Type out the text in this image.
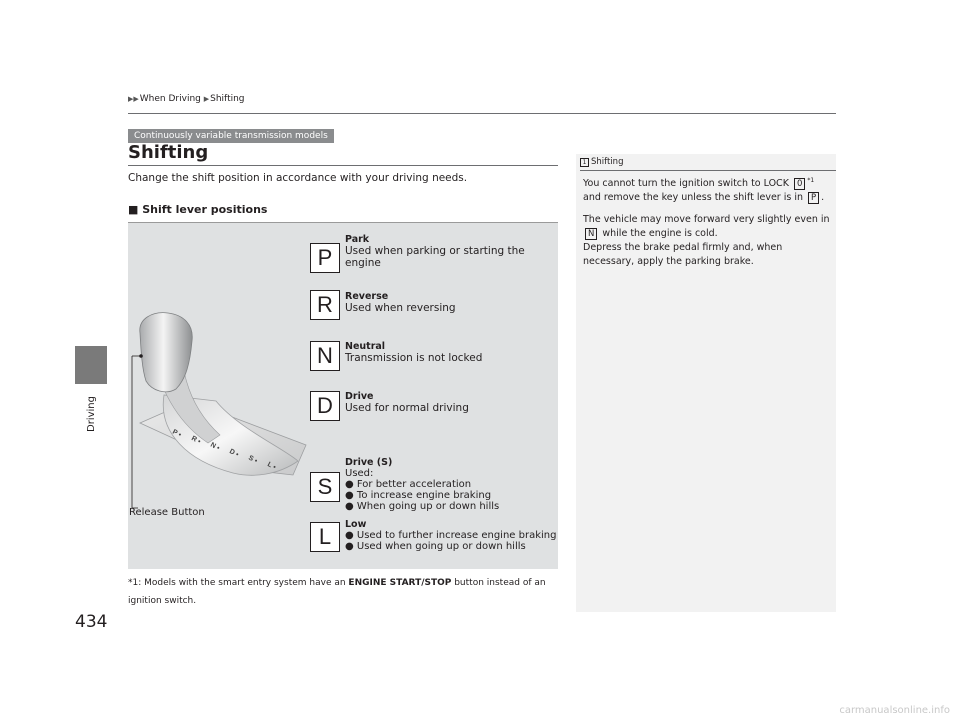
Driving
▶▶When Driving ▶Shifting
Continuously variable transmission models
Shifting
Change the shift position in accordance with your driving needs.
■ Shift lever positions
P •
R •
N •
D •
S •
L •
Release Button
P
Park
Used when parking or starting the engine
R	Reverse
Used when reversing
N	Neutral
Transmission is not locked
D	Drive
Used for normal driving
S
Drive (S)
Used:
● For better acceleration
● To increase engine braking
● When going up or down hills
L	Low
● Used to further increase engine braking
● Used when going up or down hills
*1: Models with the smart entry system have an ENGINE START/STOP button instead of an ignition switch.
434
1 Shifting
You cannot turn the ignition switch to LOCK 0 $^{*1}$ and remove the key unless the shift lever is in P .
The vehicle may move forward very slightly even in N while the engine is cold.
Depress the brake pedal firmly and, when necessary, apply the parking brake.
carmanualsonline.info
